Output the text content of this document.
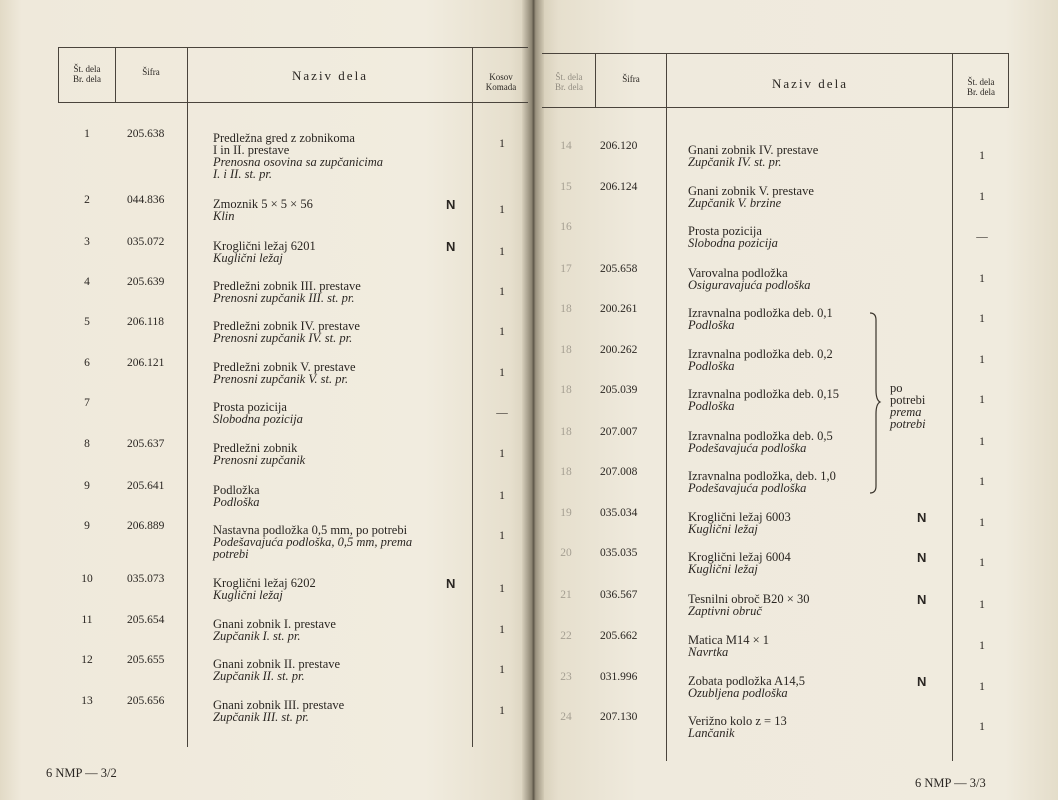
Št. dela
Br. dela
Šifra	Naziv dela	Kosov
Komada
1	205.638	Predležna gred z zobnikoma
I in II. prestave
Prenosna osovina sa zupčanicima
I. i II. st. pr.
1
2	044.836	Zmoznik 5 × 5 × 56
Klin
N	1
3	035.072	Kroglični ležaj 6201
Kuglični ležaj
N	1
4	205.639	Predležni zobnik III. prestave
Prenosni zupčanik III. st. pr.	1
5	206.118	Predležni zobnik IV. prestave
Prenosni zupčanik IV. st. pr.	1
6	206.121	Predležni zobnik V. prestave
Prenosni zupčanik V. st. pr.	1
7	Prosta pozicija
Slobodna pozicija	—
8	205.637	Predležni zobnik
Prenosni zupčanik	1
9	205.641	Podložka
Podloška	1
9	206.889	Nastavna podložka 0,5 mm, po potrebi
Podešavajuća podloška, 0,5 mm, prema
potrebi
1
10	035.073	Kroglični ležaj 6202
Kuglični ležaj
N	1
11	205.654	Gnani zobnik I. prestave
Zupčanik I. st. pr.	1
12	205.655	Gnani zobnik II. prestave
Zupčanik II. st. pr.	1
13	205.656	Gnani zobnik III. prestave
Zupčanik III. st. pr.	1
6 NMP — 3/2
Št. dela
Br. dela
Šifra	Naziv dela	Št. dela
Br. dela
14	206.120	Gnani zobnik IV. prestave
Zupčanik IV. st. pr.	1
15	206.124	Gnani zobnik V. prestave
Zupčanik V. brzine	1
16	Prosta pozicija
Slobodna pozicija	—
17	205.658	Varovalna podložka
Osiguravajuća podloška	1
18	200.261	Izravnalna podložka deb. 0,1
Podloška	1
18	200.262	Izravnalna podložka deb. 0,2
Podloška	1
18	205.039	Izravnalna podložka deb. 0,15
Podloška	1
18	207.007	Izravnalna podložka deb. 0,5
Podešavajuća podloška	1
18	207.008	Izravnalna podložka, deb. 1,0
Podešavajuća podloška	1
19	035.034	Kroglični ležaj 6003
Kuglični ležaj
N	1
20	035.035	Kroglični ležaj 6004
Kuglični ležaj
N	1
21	036.567	Tesnilni obroč B20 × 30
Zaptivni obruč
N	1
22	205.662	Matica M14 × 1
Navrtka	1
23	031.996	Zobata podložka A14,5
Ozubljena podloška
N	1
24	207.130	Verižno kolo z = 13
Lančanik	1
po
potrebi
prema
potrebi
6 NMP — 3/3
